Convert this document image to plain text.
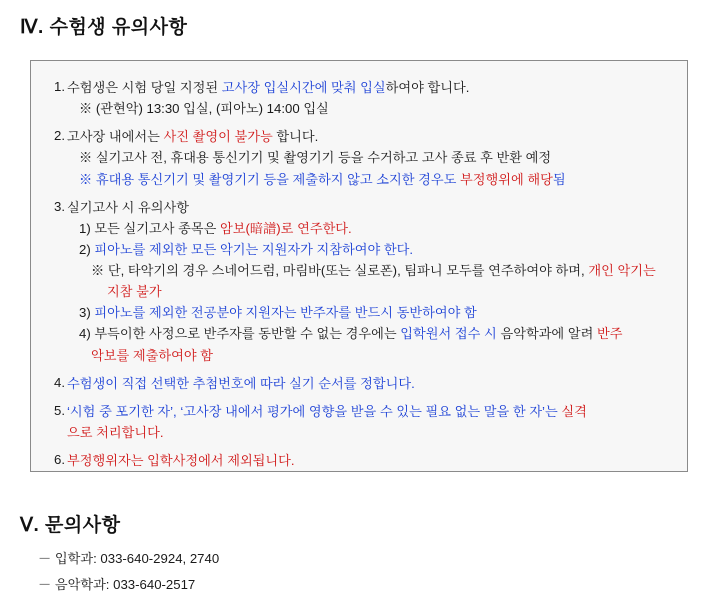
Ⅳ. 수험생 유의사항
1. 수험생은 시험 당일 지정된 고사장 입실시간에 맞춰 입실하여야 합니다.
※ (관현악) 13:30 입실, (피아노) 14:00 입실
2. 고사장 내에서는 사진 촬영이 불가능 합니다.
※ 실기고사 전, 휴대용 통신기기 및 촬영기기 등을 수거하고 고사 종료 후 반환 예정
※ 휴대용 통신기기 및 촬영기기 등을 제출하지 않고 소지한 경우도 부정행위에 해당됨
3. 실기고사 시 유의사항
1) 모든 실기고사 종목은 암보(暗譜)로 연주한다.
2) 피아노를 제외한 모든 악기는 지원자가 지참하여야 한다.
※ 단, 타악기의 경우 스네어드럼, 마림바(또는 실로폰), 팀파니 모두를 연주하여야 하며, 개인 악기는
지참 불가
3) 피아노를 제외한 전공분야 지원자는 반주자를 반드시 동반하여야 함
4) 부득이한 사정으로 반주자를 동반할 수 없는 경우에는 입학원서 접수 시 음악학과에 알려 반주
악보를 제출하여야 함
4. 수험생이 직접 선택한 추첨번호에 따라 실기 순서를 정합니다.
5. ‘시험 중 포기한 자’, ‘고사장 내에서 평가에 영향을 받을 수 있는 필요 없는 말을 한 자’는 실격
으로 처리합니다.
6. 부정행위자는 입학사정에서 제외됩니다.
Ⅴ. 문의사항
－ 입학과: 033-640-2924, 2740
－ 음악학과: 033-640-2517
